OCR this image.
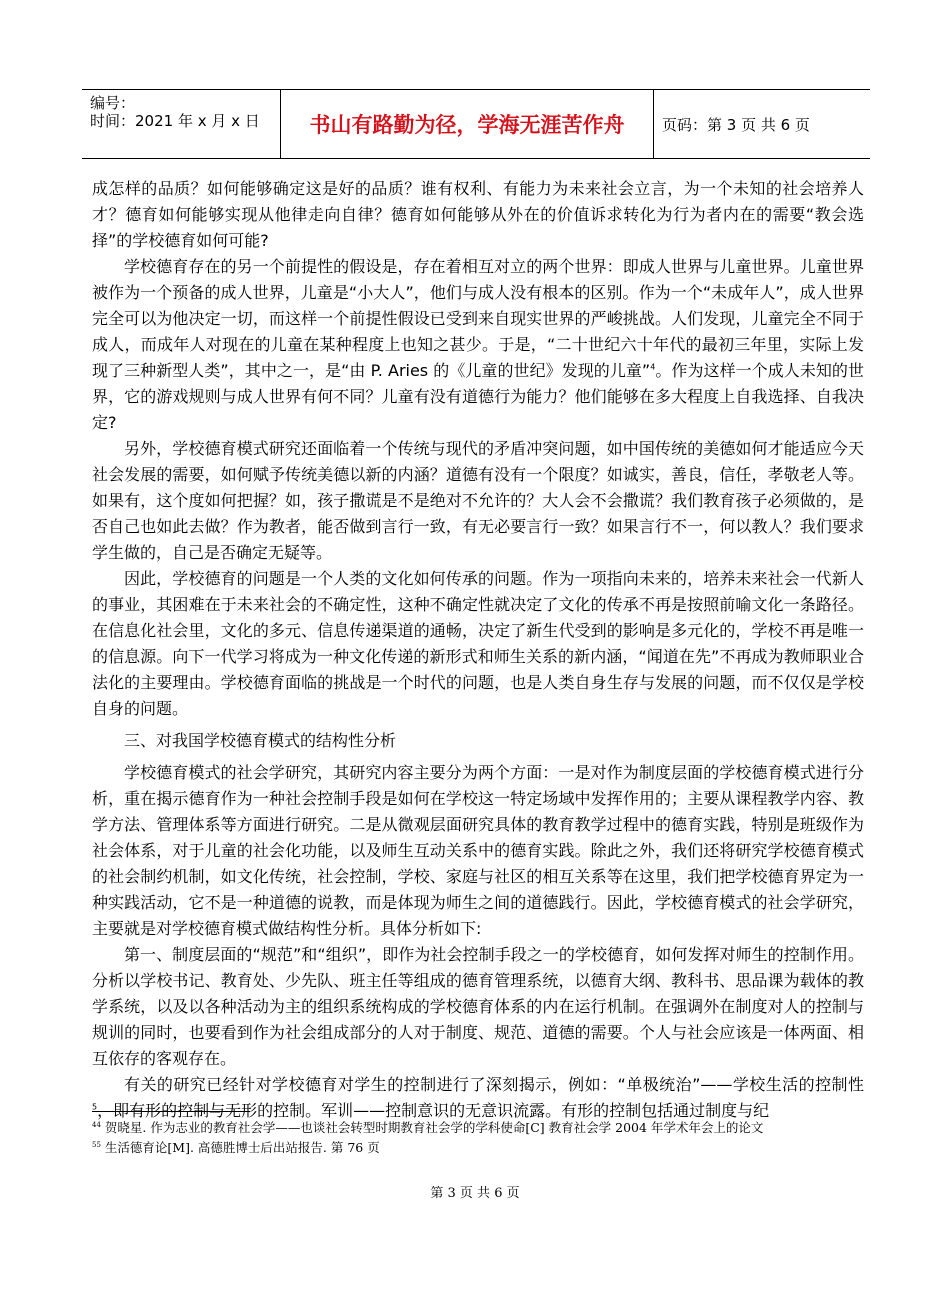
编号：
时间：2021 年 x 月 x 日	书山有路勤为径，学海无涯苦作舟	页码：第 3 页 共 6 页

成怎样的品质？如何能够确定这是好的品质？谁有权利、有能力为未来社会立言，为一个未知的社会培养人才？德育如何能够实现从他律走向自律？德育如何能够从外在的价值诉求转化为行为者内在的需要“教会选择”的学校德育如何可能?

学校德育存在的另一个前提性的假设是，存在着相互对立的两个世界：即成人世界与儿童世界。儿童世界被作为一个预备的成人世界，儿童是“小大人”，他们与成人没有根本的区别。作为一个“未成年人”，成人世界完全可以为他决定一切，而这样一个前提性假设已受到来自现实世界的严峻挑战。人们发现，儿童完全不同于成人，而成年人对现在的儿童在某种程度上也知之甚少。于是，“二十世纪六十年代的最初三年里，实际上发现了三种新型人类”，其中之一，是“由 P. Aries 的《儿童的世纪》发现的儿童”$^4$。作为这样一个成人未知的世界，它的游戏规则与成人世界有何不同？儿童有没有道德行为能力？他们能够在多大程度上自我选择、自我决定?

另外，学校德育模式研究还面临着一个传统与现代的矛盾冲突问题，如中国传统的美德如何才能适应今天社会发展的需要，如何赋予传统美德以新的内涵？道德有没有一个限度？如诚实，善良，信任，孝敬老人等。如果有，这个度如何把握？如，孩子撒谎是不是绝对不允许的？大人会不会撒谎？我们教育孩子必须做的，是否自己也如此去做？作为教者，能否做到言行一致，有无必要言行一致？如果言行不一，何以教人？我们要求学生做的，自己是否确定无疑等。

因此，学校德育的问题是一个人类的文化如何传承的问题。作为一项指向未来的，培养未来社会一代新人的事业，其困难在于未来社会的不确定性，这种不确定性就决定了文化的传承不再是按照前喻文化一条路径。在信息化社会里，文化的多元、信息传递渠道的通畅，决定了新生代受到的影响是多元化的，学校不再是唯一的信息源。向下一代学习将成为一种文化传递的新形式和师生关系的新内涵，“闻道在先”不再成为教师职业合法化的主要理由。学校德育面临的挑战是一个时代的问题，也是人类自身生存与发展的问题，而不仅仅是学校自身的问题。

三、对我国学校德育模式的结构性分析

学校德育模式的社会学研究，其研究内容主要分为两个方面：一是对作为制度层面的学校德育模式进行分析，重在揭示德育作为一种社会控制手段是如何在学校这一特定场域中发挥作用的；主要从课程教学内容、教学方法、管理体系等方面进行研究。二是从微观层面研究具体的教育教学过程中的德育实践，特别是班级作为社会体系，对于儿童的社会化功能，以及师生互动关系中的德育实践。除此之外，我们还将研究学校德育模式的社会制约机制，如文化传统，社会控制，学校、家庭与社区的相互关系等在这里，我们把学校德育界定为一种实践活动，它不是一种道德的说教，而是体现为师生之间的道德践行。因此，学校德育模式的社会学研究，主要就是对学校德育模式做结构性分析。具体分析如下:

第一、制度层面的“规范”和“组织”，即作为社会控制手段之一的学校德育，如何发挥对师生的控制作用。分析以学校书记、教育处、少先队、班主任等组成的德育管理系统，以德育大纲、教科书、思品课为载体的教学系统，以及以各种活动为主的组织系统构成的学校德育体系的内在运行机制。在强调外在制度对人的控制与规训的同时，也要看到作为社会组成部分的人对于制度、规范、道德的需要。个人与社会应该是一体两面、相互依存的客观存在。

有关的研究已经针对学校德育对学生的控制进行了深刻揭示，例如：“单极统治”——学校生活的控制性$^5$，即有形的控制与无形的控制。军训——控制意识的无意识流露。有形的控制包括通过制度与纪

$^{44}$ 贺晓星. 作为志业的教育社会学——也谈社会转型时期教育社会学的学科使命[C] 教育社会学 2004 年学术年会上的论文
$^{55}$ 生活德育论[M]. 高德胜博士后出站报告. 第 76 页
第 3 页 共 6 页
